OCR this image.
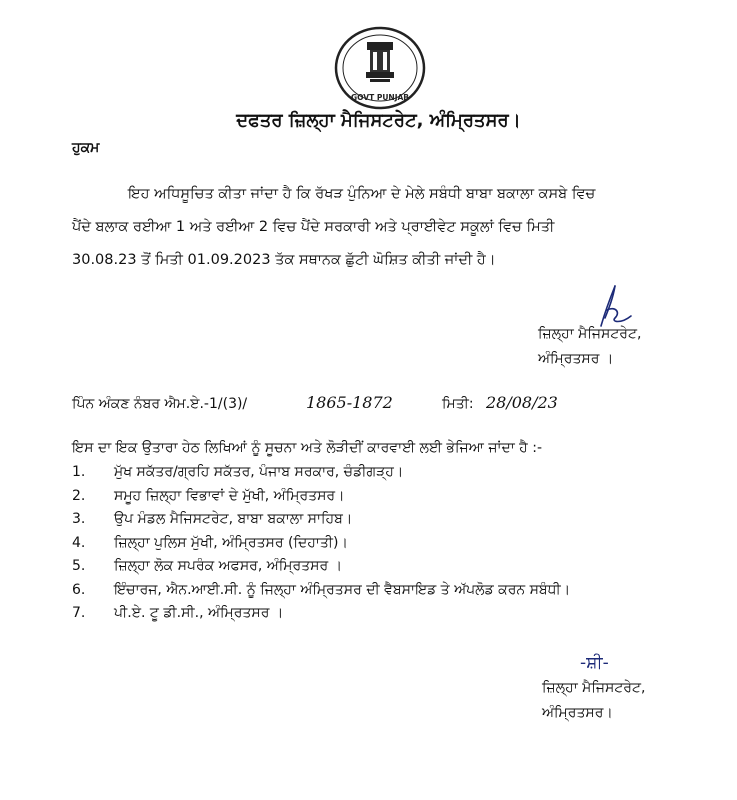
GOVT PUNJAB
ਦਫਤਰ ਜ਼ਿਲ੍ਹਾ ਮੈਜਿਸਟਰੇਟ, ਅੰਮ੍ਰਿਤਸਰ।
ਹੁਕਮ
ਇਹ ਅਧਿਸੂਚਿਤ ਕੀਤਾ ਜਾਂਦਾ ਹੈ ਕਿ ਰੱਖੜ ਪੁੰਨਿਆ ਦੇ ਮੇਲੇ ਸਬੰਧੀ ਬਾਬਾ ਬਕਾਲਾ ਕਸਬੇ ਵਿਚ
ਪੈਂਦੇ ਬਲਾਕ ਰਈਆ 1 ਅਤੇ ਰਈਆ 2 ਵਿਚ ਪੈਂਦੇ ਸਰਕਾਰੀ ਅਤੇ ਪ੍ਰਾਈਵੇਟ ਸਕੂਲਾਂ ਵਿਚ ਮਿਤੀ
30.08.23 ਤੋਂ ਮਿਤੀ 01.09.2023 ਤੱਕ ਸਥਾਨਕ ਛੁੱਟੀ ਘੋਸ਼ਿਤ ਕੀਤੀ ਜਾਂਦੀ ਹੈ।
ਜ਼ਿਲ੍ਹਾ ਮੈਜਿਸਟਰੇਟ,
ਅੰਮ੍ਰਿਤਸਰ ।
ਪਿੰਨ ਅੰਕਣ ਨੰਬਰ ਐਮ.ਏ.-1/(3)/	1865-1872	ਮਿਤੀ: 28/08/23
ਇਸ ਦਾ ਇਕ ਉਤਾਰਾ ਹੇਠ ਲਿਖਿਆਂ ਨੂੰ ਸੂਚਨਾ ਅਤੇ ਲੋੜੀਦੀਂ ਕਾਰਵਾਈ ਲਈ ਭੇਜਿਆ ਜਾਂਦਾ ਹੈ :-
1. ਮੁੱਖ ਸਕੱਤਰ/ਗ੍ਰਹਿ ਸਕੱਤਰ, ਪੰਜਾਬ ਸਰਕਾਰ, ਚੰਡੀਗੜ੍ਹ।
2. ਸਮੂਹ ਜ਼ਿਲ੍ਹਾ ਵਿਭਾਵਾਂ ਦੇ ਮੁੱਖੀ, ਅੰਮ੍ਰਿਤਸਰ।
3. ਉਪ ਮੰਡਲ ਮੈਜਿਸਟਰੇਟ, ਬਾਬਾ ਬਕਾਲਾ ਸਾਹਿਬ।
4. ਜ਼ਿਲ੍ਹਾ ਪੁਲਿਸ ਮੁੱਖੀ, ਅੰਮ੍ਰਿਤਸਰ (ਦਿਹਾਤੀ)।
5. ਜ਼ਿਲ੍ਹਾ ਲੋਕ ਸਪਰੰਕ ਅਫਸਰ, ਅੰਮ੍ਰਿਤਸਰ ।
6. ਇੰਚਾਰਜ, ਐਨ.ਆਈ.ਸੀ. ਨੂੰ ਜਿਲ੍ਹਾ ਅੰਮ੍ਰਿਤਸਰ ਦੀ ਵੈਬਸਾਇਡ ਤੇ ਅੱਪਲੋਡ ਕਰਨ ਸਬੰਧੀ।
7. ਪੀ.ਏ. ਟੂ ਡੀ.ਸੀ., ਅੰਮ੍ਰਿਤਸਰ ।
-ਸ਼ੀ-
ਜ਼ਿਲ੍ਹਾ ਮੈਜਿਸਟਰੇਟ,
ਅੰਮ੍ਰਿਤਸਰ।
